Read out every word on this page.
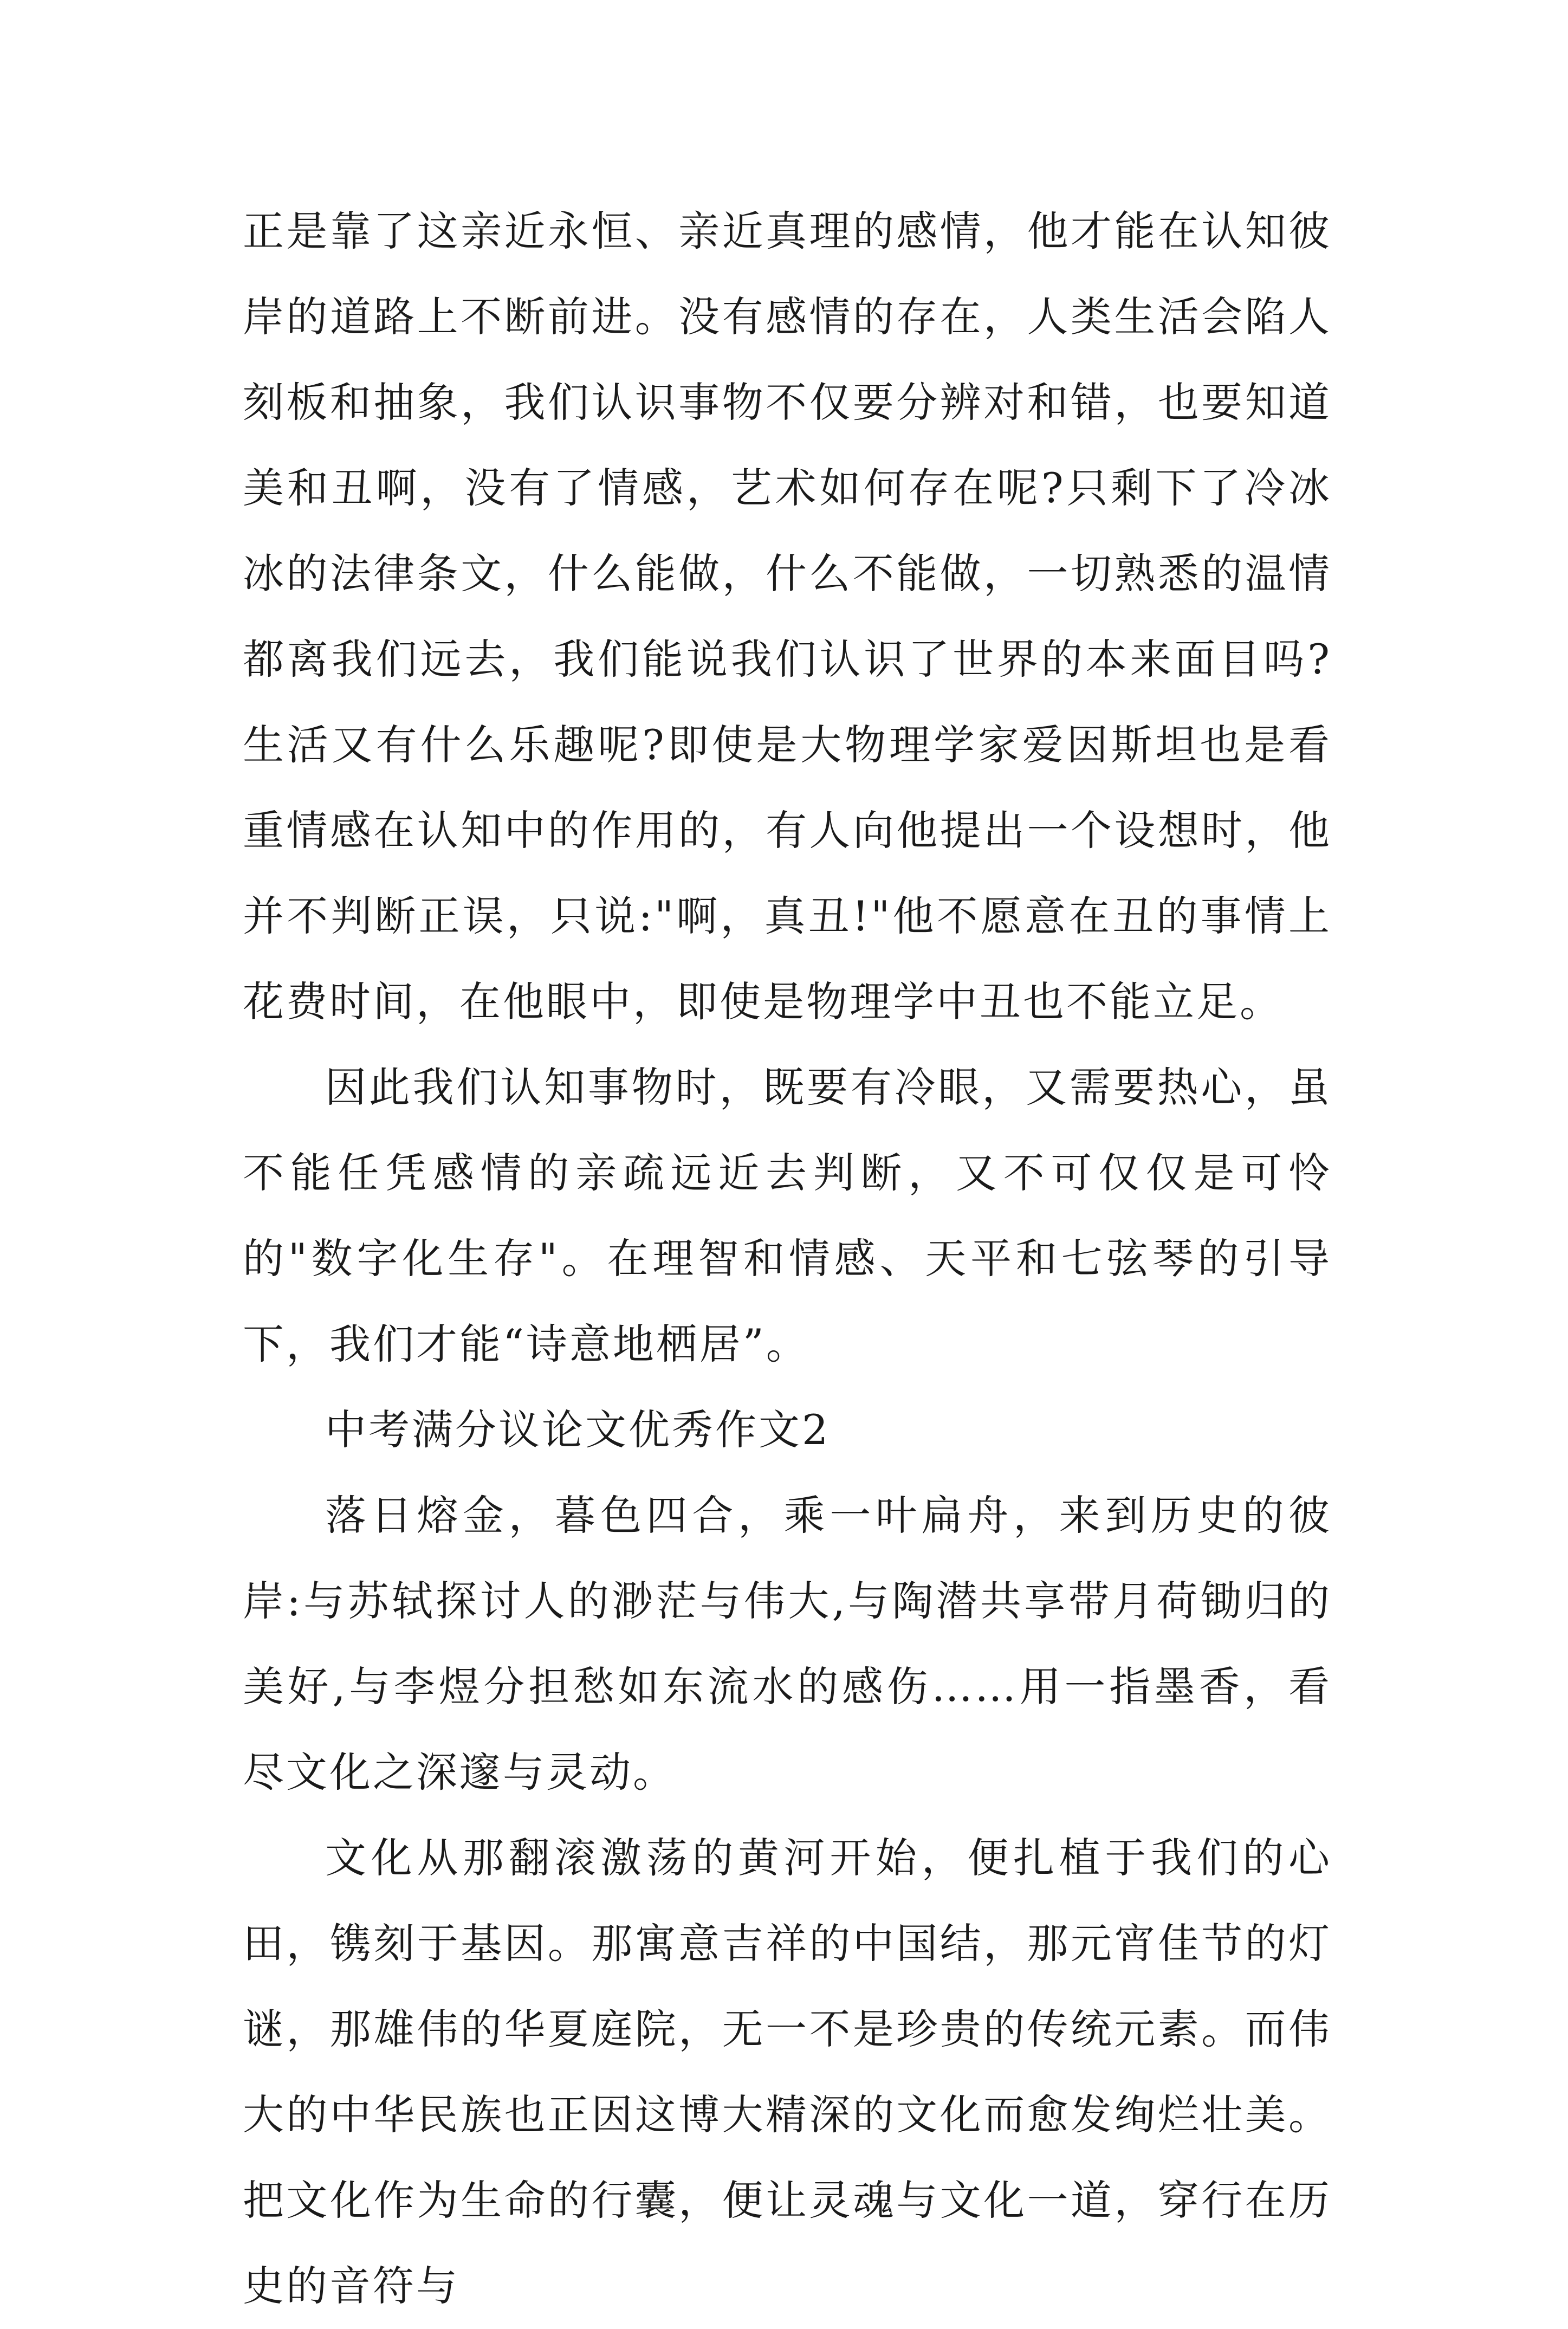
正是靠了这亲近永恒、亲近真理的感情，他才能在认知彼岸的道路上不断前进。没有感情的存在，人类生活会陷人刻板和抽象，我们认识事物不仅要分辨对和错，也要知道美和丑啊，没有了情感，艺术如何存在呢?只剩下了冷冰冰的法律条文，什么能做，什么不能做，一切熟悉的温情都离我们远去，我们能说我们认识了世界的本来面目吗?生活又有什么乐趣呢?即使是大物理学家爱因斯坦也是看重情感在认知中的作用的，有人向他提出一个设想时，他并不判断正误，只说:"啊，真丑!"他不愿意在丑的事情上花费时间，在他眼中，即使是物理学中丑也不能立足。

因此我们认知事物时，既要有冷眼，又需要热心，虽不能任凭感情的亲疏远近去判断，又不可仅仅是可怜的"数字化生存"。在理智和情感、天平和七弦琴的引导下，我们才能“诗意地栖居”。

中考满分议论文优秀作文2

落日熔金，暮色四合，乘一叶扁舟，来到历史的彼岸:与苏轼探讨人的渺茫与伟大,与陶潜共享带月荷锄归的美好,与李煜分担愁如东流水的感伤……用一指墨香，看尽文化之深邃与灵动。

文化从那翻滚激荡的黄河开始，便扎植于我们的心田，镌刻于基因。那寓意吉祥的中国结，那元宵佳节的灯谜，那雄伟的华夏庭院，无一不是珍贵的传统元素。而伟大的中华民族也正因这博大精深的文化而愈发绚烂壮美。 把文化作为生命的行囊，便让灵魂与文化一道，穿行在历史的音符与
